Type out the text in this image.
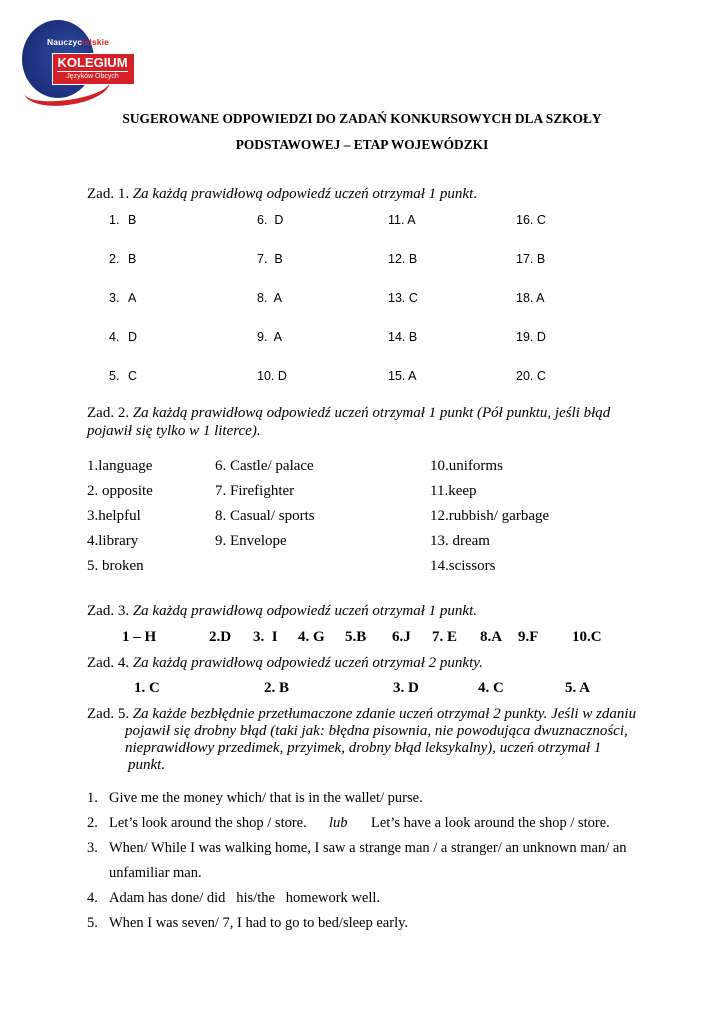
Nauczycielskie
KOLEGIUM
Języków Obcych
SUGEROWANE ODPOWIEDZI DO ZADAŃ KONKURSOWYCH DLA SZKOŁY
PODSTAWOWEJ – ETAP WOJEWÓDZKI
Zad. 1. Za każdą prawidłową odpowiedź uczeń otrzymał 1 punkt.
1. B
2. B
3. A
4. D
5. C
6.  D
7.  B
8.  A
9.  A
10. D
11. A
12. B
13. C
14. B
15. A
16. C
17. B
18. A
19. D
20. C
Zad. 2. Za każdą prawidłową odpowiedź uczeń otrzymał 1 punkt (Pół punktu, jeśli błąd
pojawił się tylko w 1 literce).
1.language
2. opposite
3.helpful
4.library
5. broken
6. Castle/ palace
7. Firefighter
8. Casual/ sports
9. Envelope
10.uniforms
11.keep
12.rubbish/ garbage
13. dream
14.scissors
Zad. 3. Za każdą prawidłową odpowiedź uczeń otrzymał 1 punkt.
1 – H	2.D 3.  I 4. G 5.B 6.J 7. E 8.A 9.F 10.C
Zad. 4. Za każdą prawidłową odpowiedź uczeń otrzymał 2 punkty.
1. C	2. B	3. D	4. C	5. A
Zad. 5. Za każde bezbłędnie przetłumaczone zdanie uczeń otrzymał 2 punkty. Jeśli w zdaniu
pojawił się drobny błąd (taki jak: błędna pisownia, nie powodująca dwuznaczności,
nieprawidłowy przedimek, przyimek, drobny błąd leksykalny), uczeń otrzymał 1
punkt.
1. Give me the money which/ that is in the wallet/ purse.
2. Let’s look around the shop / store. lub Let’s have a look around the shop / store.
3. When/ While I was walking home, I saw a strange man / a stranger/ an unknown man/ an
unfamiliar man.
4. Adam has done/ did   his/the   homework well.
5. When I was seven/ 7, I had to go to bed/sleep early.
